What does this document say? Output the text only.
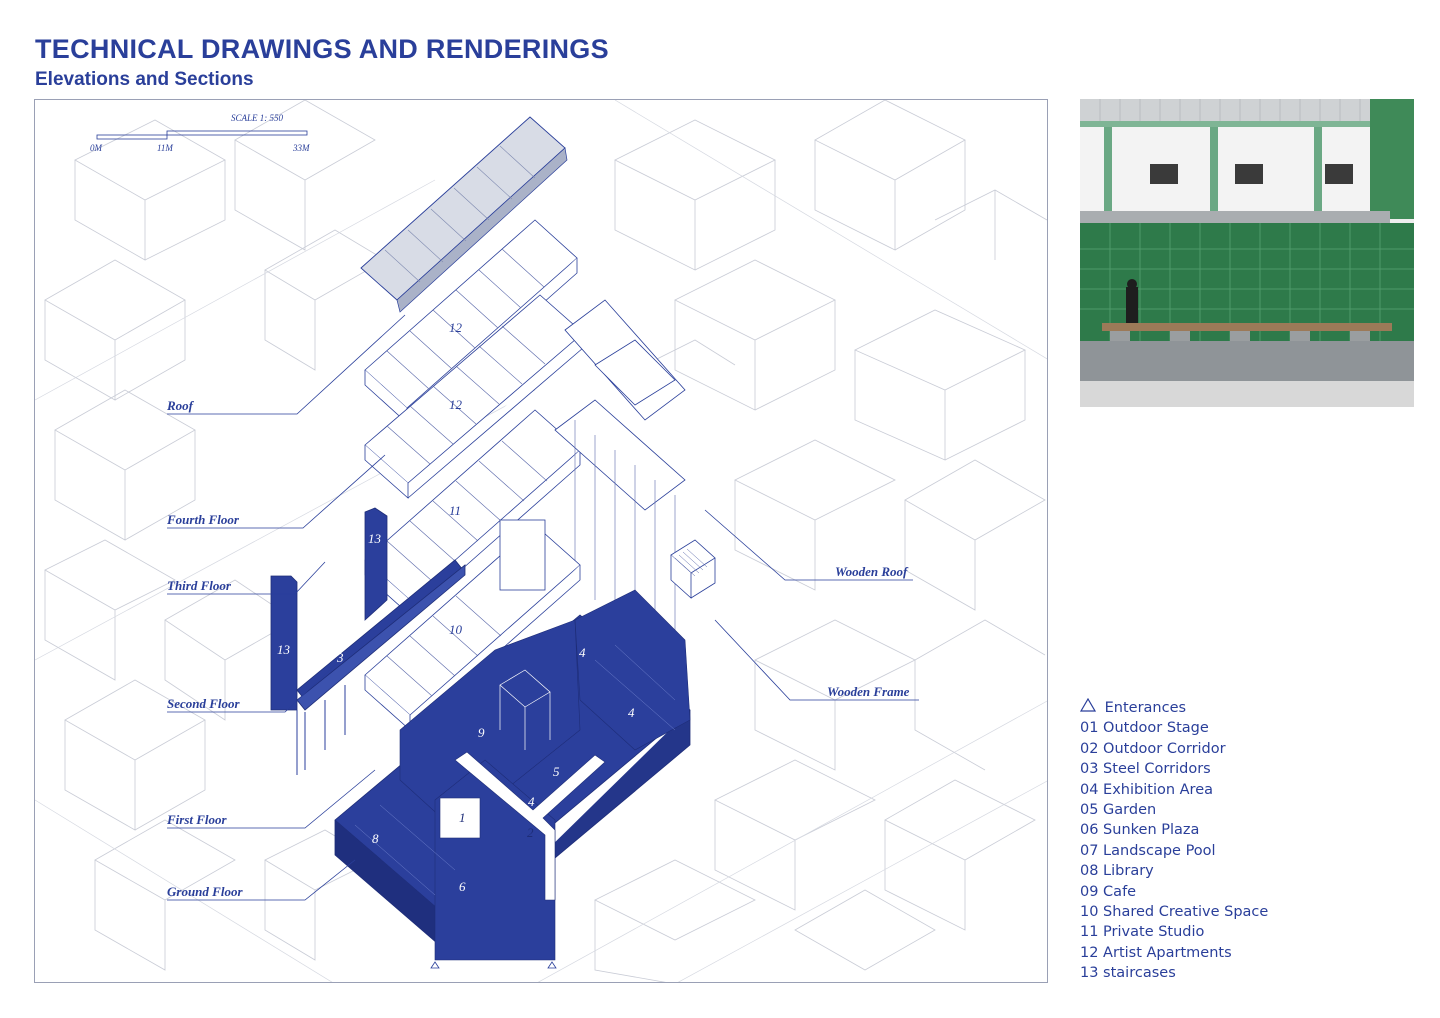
TECHNICAL DRAWINGS AND RENDERINGS
Elevations and Sections
SCALE 1: 550
0M	11M	33M
Roof
Fourth Floor
Third Floor
Second Floor
First Floor
Ground Floor
Wooden Roof
Wooden Frame
12
12
11
10
13
13
3	4
4
9
5
4
1
2
8
6	7
Enterances
01 Outdoor Stage
02 Outdoor Corridor
03 Steel Corridors
04 Exhibition Area
05 Garden
06 Sunken Plaza
07 Landscape Pool
08 Library
09 Cafe
10 Shared Creative Space
11 Private Studio
12 Artist Apartments
13 staircases
